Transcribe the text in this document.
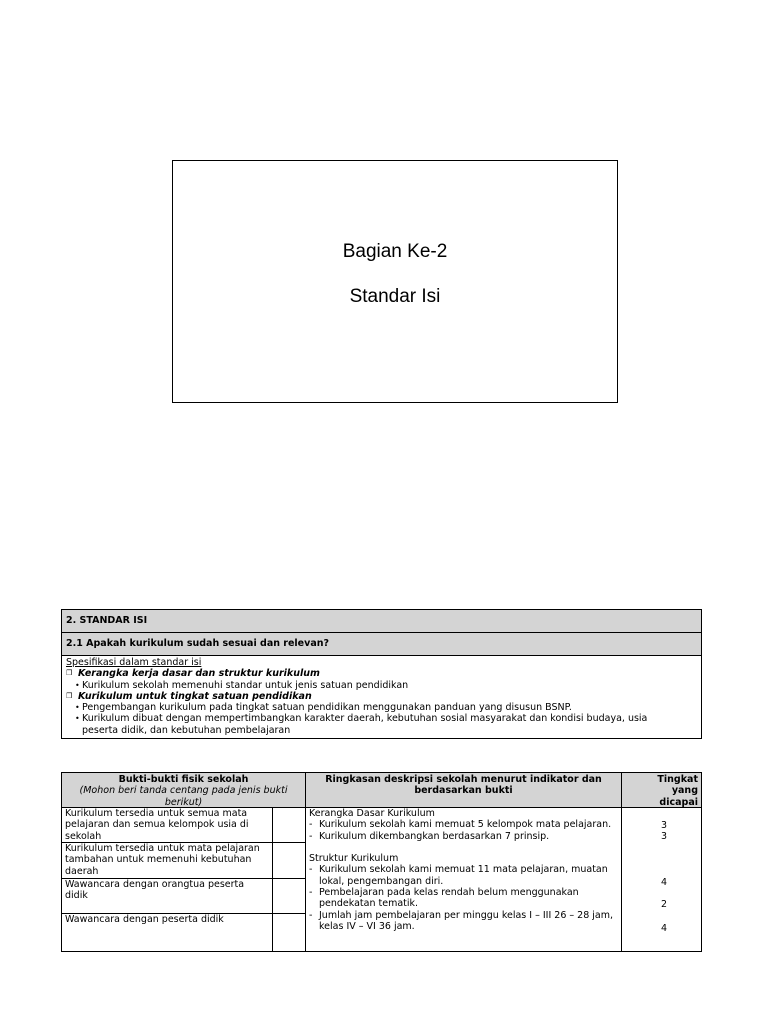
Bagian Ke-2
Standar Isi
2. STANDAR ISI
2.1 Apakah kurikulum sudah sesuai dan relevan?
Spesifikasi dalam standar isi
❒ Kerangka kerja dasar dan struktur kurikulum
• Kurikulum sekolah memenuhi standar untuk jenis satuan pendidikan
❒ Kurikulum untuk tingkat satuan pendidikan
• Pengembangan kurikulum pada tingkat satuan pendidikan menggunakan panduan yang disusun BSNP.
• Kurikulum dibuat dengan mempertimbangkan karakter daerah, kebutuhan sosial masyarakat dan kondisi budaya, usia
peserta didik, dan kebutuhan pembelajaran
Bukti-bukti fisik sekolah
(Mohon beri tanda centang pada jenis bukti
berikut)
Ringkasan deskripsi sekolah menurut indikator dan
berdasarkan bukti
Tingkat
yang
dicapai
Kurikulum tersedia untuk semua mata pelajaran dan semua kelompok usia di sekolah
Kurikulum tersedia untuk mata pelajaran tambahan untuk memenuhi kebutuhan daerah
Wawancara dengan orangtua peserta didik
Wawancara dengan peserta didik
Kerangka Dasar Kurikulum
- Kurikulum sekolah kami memuat 5 kelompok mata pelajaran.
- Kurikulum dikembangkan berdasarkan 7 prinsip.
Struktur Kurikulum
- Kurikulum sekolah kami memuat 11 mata pelajaran, muatan lokal, pengembangan diri.
- Pembelajaran pada kelas rendah belum menggunakan pendekatan tematik.
- Jumlah jam pembelajaran per minggu kelas I – III 26 – 28 jam, kelas IV – VI 36 jam.
3
3
4
2
4
